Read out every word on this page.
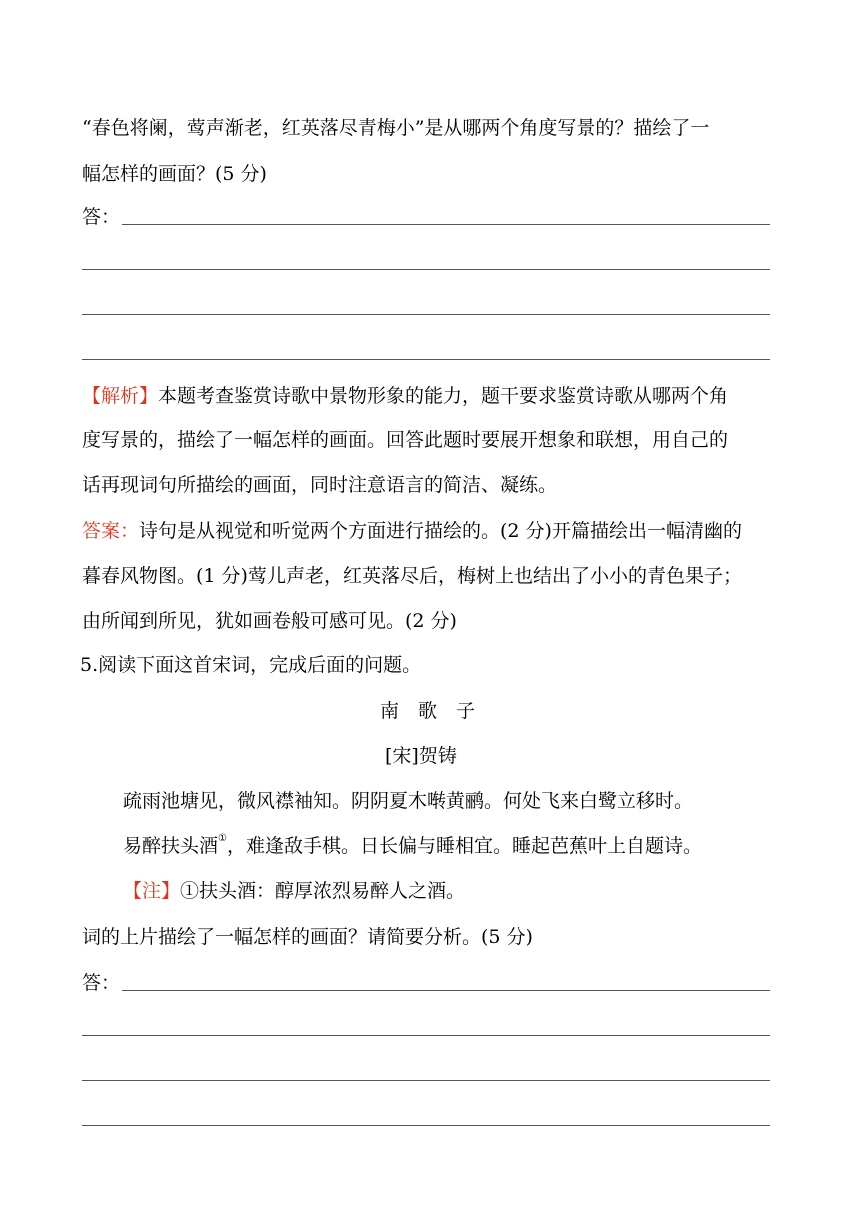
“春色将阑，莺声渐老，红英落尽青梅小”是从哪两个角度写景的？描绘了一
幅怎样的画面？(5 分)
答：
【解析】本题考查鉴赏诗歌中景物形象的能力，题干要求鉴赏诗歌从哪两个角
度写景的，描绘了一幅怎样的画面。回答此题时要展开想象和联想，用自己的
话再现词句所描绘的画面，同时注意语言的简洁、凝练。
答案：诗句是从视觉和听觉两个方面进行描绘的。(2 分)开篇描绘出一幅清幽的
暮春风物图。(1 分)莺儿声老，红英落尽后，梅树上也结出了小小的青色果子；
由所闻到所见，犹如画卷般可感可见。(2 分)
5.阅读下面这首宋词，完成后面的问题。
南　歌　子
[宋]贺铸
疏雨池塘见，微风襟袖知。阴阴夏木啭黄鹂。何处飞来白鹭立移时。
易醉扶头酒①，难逢敌手棋。日长偏与睡相宜。睡起芭蕉叶上自题诗。
【注】①扶头酒：醇厚浓烈易醉人之酒。
词的上片描绘了一幅怎样的画面？请简要分析。(5 分)
答：
